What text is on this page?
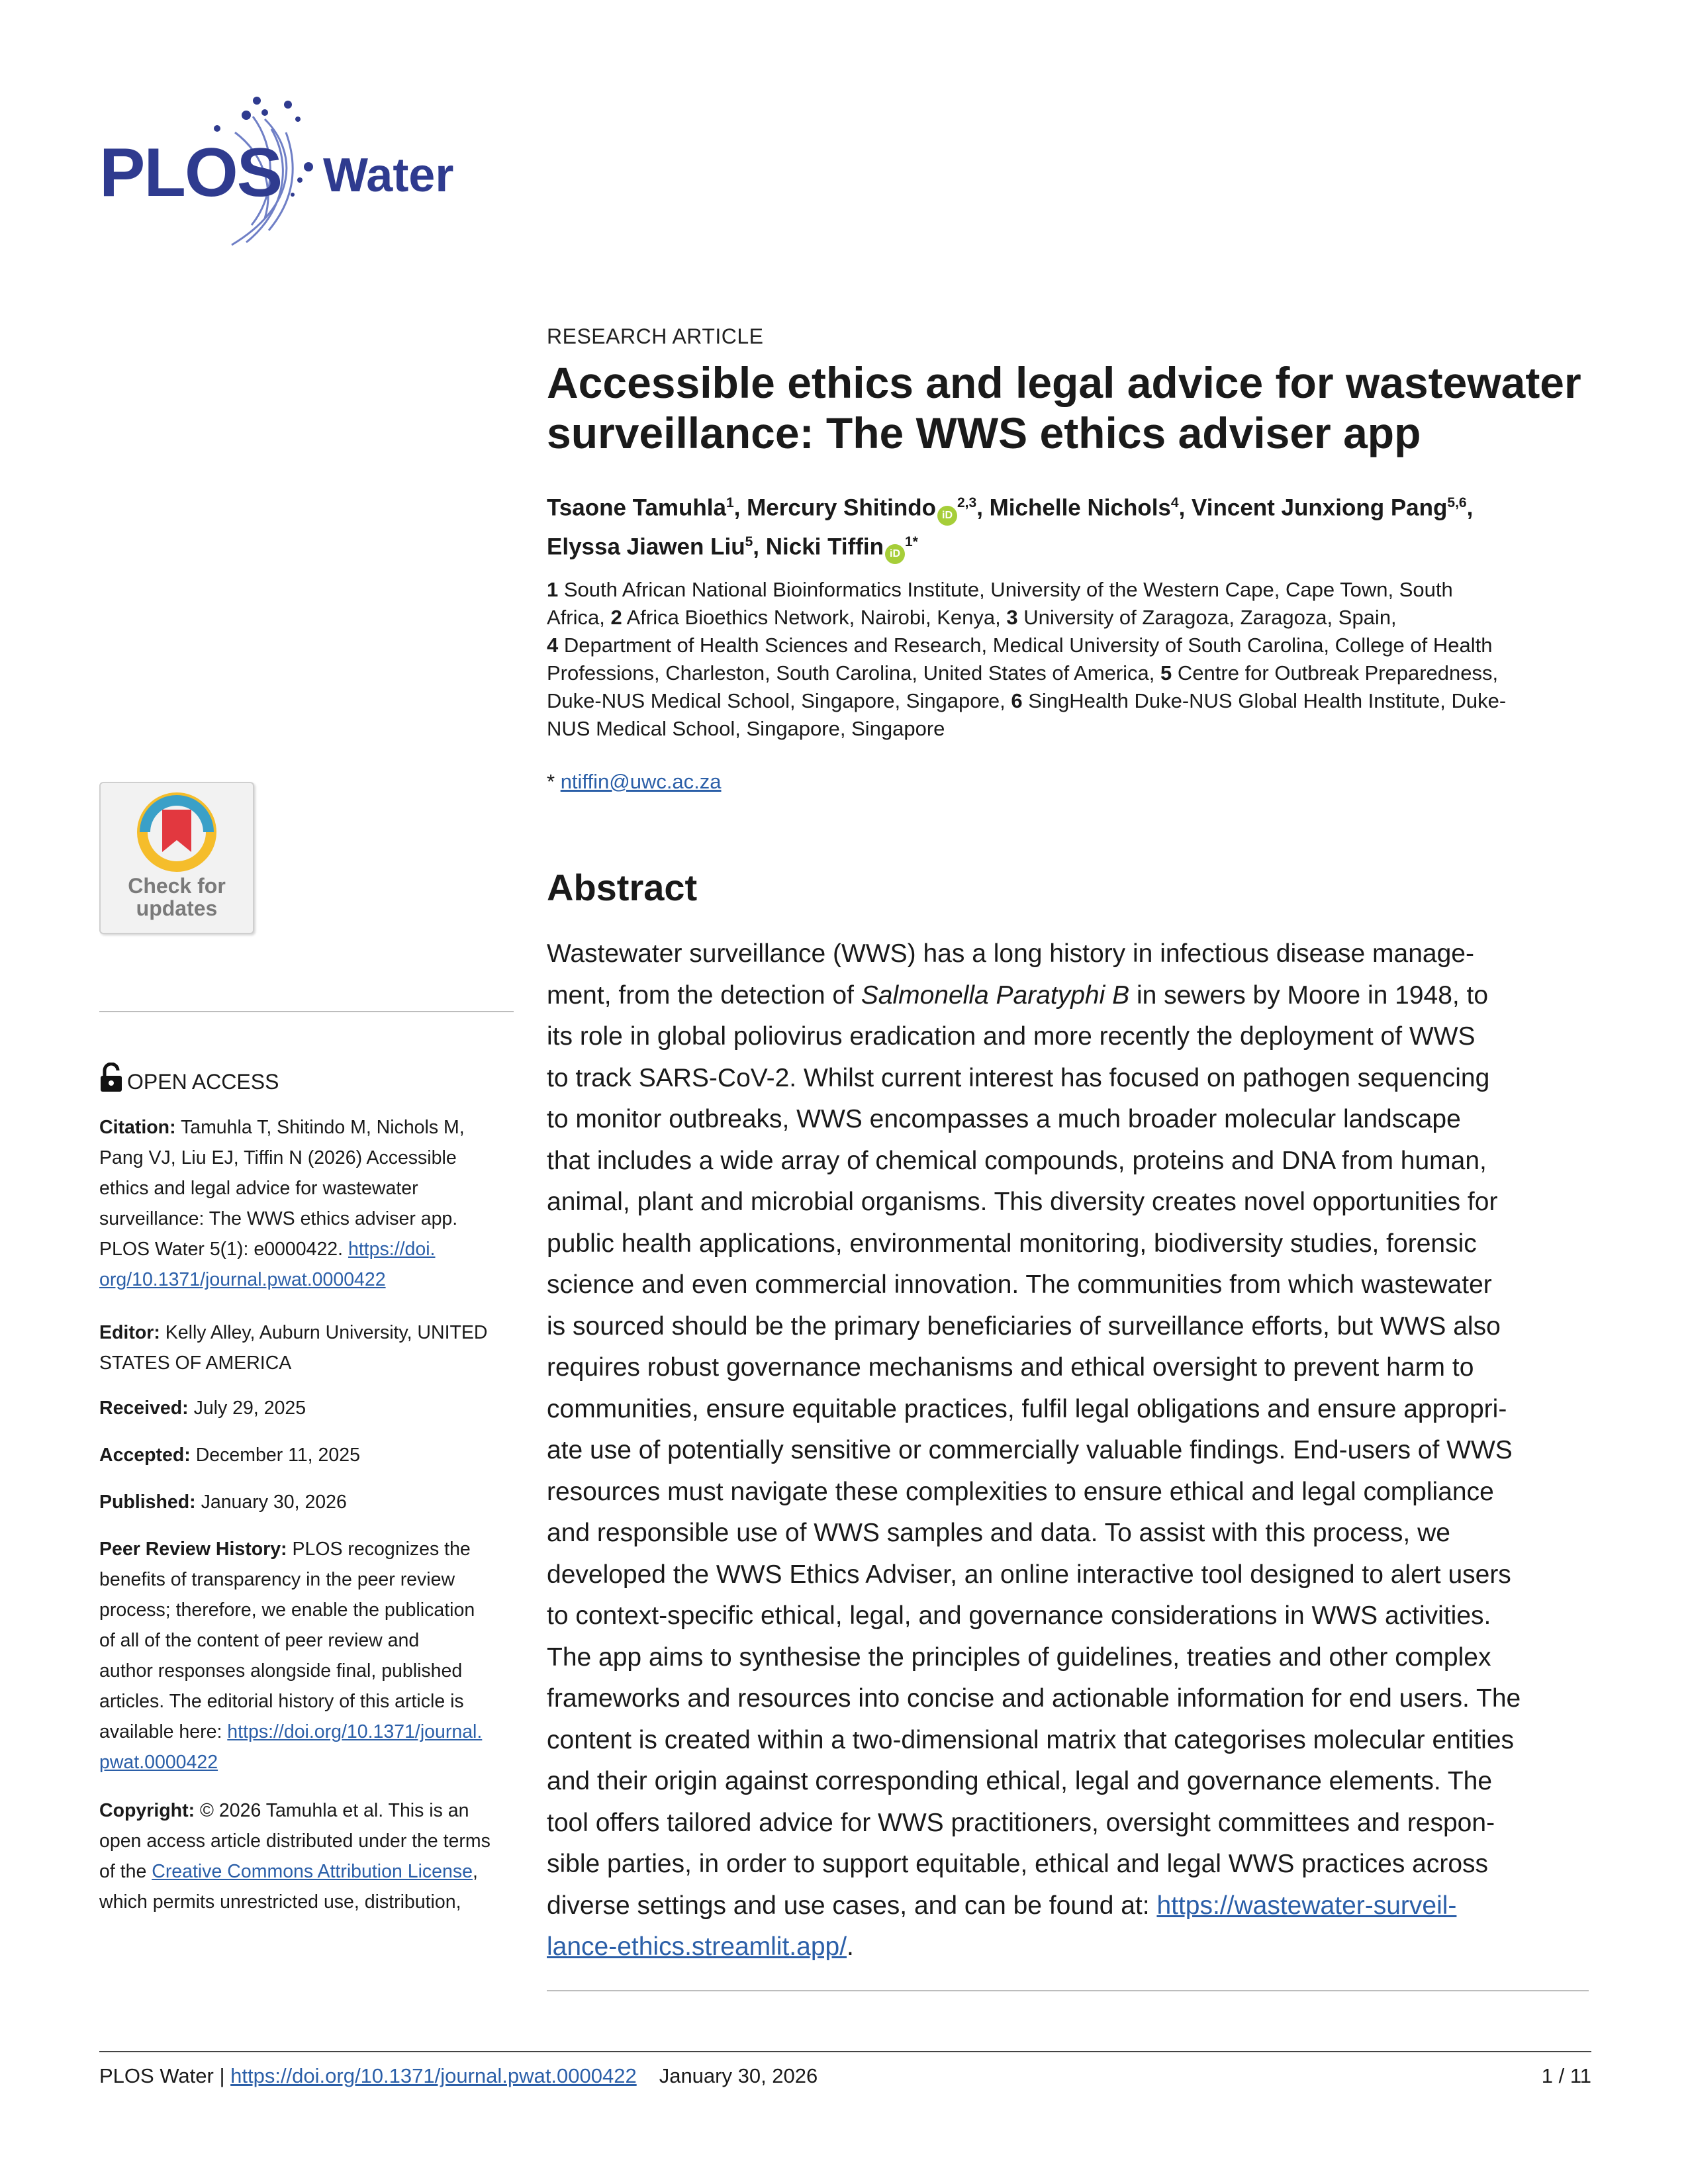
PLOS Water
RESEARCH ARTICLE
Accessible ethics and legal advice for wastewater
surveillance: The WWS ethics adviser app
Tsaone Tamuhla$^1$, Mercury Shitindo iD$^{2,3}$, Michelle Nichols$^4$, Vincent Junxiong Pang$^{5,6}$,
Elyssa Jiawen Liu$^5$, Nicki Tiffin $iD^{1*}$
1 South African National Bioinformatics Institute, University of the Western Cape, Cape Town, South
Africa, 2 Africa Bioethics Network, Nairobi, Kenya, 3 University of Zaragoza, Zaragoza, Spain,
4 Department of Health Sciences and Research, Medical University of South Carolina, College of Health
Professions, Charleston, South Carolina, United States of America, 5 Centre for Outbreak Preparedness,
Duke-NUS Medical School, Singapore, Singapore, 6 SingHealth Duke-NUS Global Health Institute, Duke-
NUS Medical School, Singapore, Singapore
* ntiffin@uwc.ac.za
Abstract
Wastewater surveillance (WWS) has a long history in infectious disease manage-
ment, from the detection of Salmonella Paratyphi B in sewers by Moore in 1948, to
its role in global poliovirus eradication and more recently the deployment of WWS
to track SARS-CoV-2. Whilst current interest has focused on pathogen sequencing
to monitor outbreaks, WWS encompasses a much broader molecular landscape
that includes a wide array of chemical compounds, proteins and DNA from human,
animal, plant and microbial organisms. This diversity creates novel opportunities for
public health applications, environmental monitoring, biodiversity studies, forensic
science and even commercial innovation. The communities from which wastewater
is sourced should be the primary beneficiaries of surveillance efforts, but WWS also
requires robust governance mechanisms and ethical oversight to prevent harm to
communities, ensure equitable practices, fulfil legal obligations and ensure appropri-
ate use of potentially sensitive or commercially valuable findings. End-users of WWS
resources must navigate these complexities to ensure ethical and legal compliance
and responsible use of WWS samples and data. To assist with this process, we
developed the WWS Ethics Adviser, an online interactive tool designed to alert users
to context-specific ethical, legal, and governance considerations in WWS activities.
The app aims to synthesise the principles of guidelines, treaties and other complex
frameworks and resources into concise and actionable information for end users. The
content is created within a two-dimensional matrix that categorises molecular entities
and their origin against corresponding ethical, legal and governance elements. The
tool offers tailored advice for WWS practitioners, oversight committees and respon-
sible parties, in order to support equitable, ethical and legal WWS practices across
diverse settings and use cases, and can be found at: https://wastewater-surveil-
lance-ethics.streamlit.app/.
Check for
updates
OPEN ACCESS
Citation: Tamuhla T, Shitindo M, Nichols M,
Pang VJ, Liu EJ, Tiffin N (2026) Accessible
ethics and legal advice for wastewater
surveillance: The WWS ethics adviser app.
PLOS Water 5(1): e0000422. https://doi.
org/10.1371/journal.pwat.0000422
Editor: Kelly Alley, Auburn University, UNITED
STATES OF AMERICA
Received: July 29, 2025
Accepted: December 11, 2025
Published: January 30, 2026
Peer Review History: PLOS recognizes the
benefits of transparency in the peer review
process; therefore, we enable the publication
of all of the content of peer review and
author responses alongside final, published
articles. The editorial history of this article is
available here: https://doi.org/10.1371/journal.
pwat.0000422
Copyright: © 2026 Tamuhla et al. This is an
open access article distributed under the terms
of the Creative Commons Attribution License,
which permits unrestricted use, distribution,
PLOS Water | https://doi.org/10.1371/journal.pwat.0000422 January 30, 2026	1 / 11
